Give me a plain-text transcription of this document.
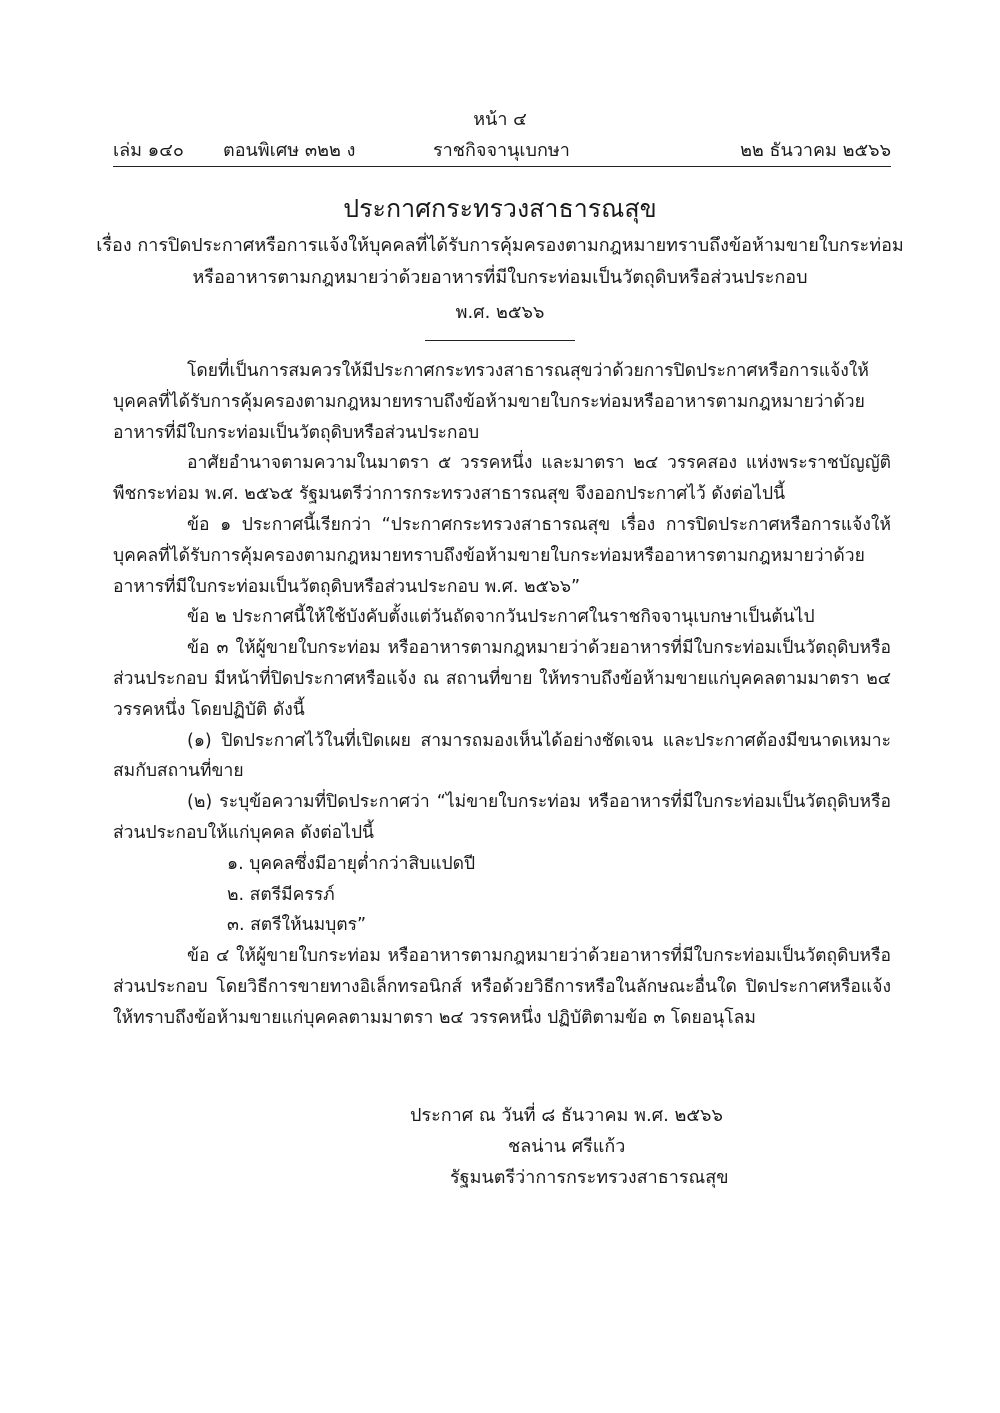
หน้า ๔
เล่ม ๑๔๐ ตอนพิเศษ ๓๒๒ ง	ราชกิจจานุเบกษา	๒๒ ธันวาคม ๒๕๖๖
ประกาศกระทรวงสาธารณสุข
เรื่อง การปิดประกาศหรือการแจ้งให้บุคคลที่ได้รับการคุ้มครองตามกฎหมายทราบถึงข้อห้ามขายใบกระท่อม
หรืออาหารตามกฎหมายว่าด้วยอาหารที่มีใบกระท่อมเป็นวัตถุดิบหรือส่วนประกอบ
พ.ศ. ๒๕๖๖

โดยที่เป็นการสมควรให้มีประกาศกระทรวงสาธารณสุขว่าด้วยการปิดประกาศหรือการแจ้งให้บุคคลที่ได้รับการคุ้มครองตามกฎหมายทราบถึงข้อห้ามขายใบกระท่อมหรืออาหารตามกฎหมายว่าด้วยอาหารที่มีใบกระท่อมเป็นวัตถุดิบหรือส่วนประกอบ

อาศัยอำนาจตามความในมาตรา ๕ วรรคหนึ่ง และมาตรา ๒๔ วรรคสอง แห่งพระราชบัญญัติพืชกระท่อม พ.ศ. ๒๕๖๕ รัฐมนตรีว่าการกระทรวงสาธารณสุข จึงออกประกาศไว้ ดังต่อไปนี้

ข้อ ๑ ประกาศนี้เรียกว่า “ประกาศกระทรวงสาธารณสุข เรื่อง การปิดประกาศหรือการแจ้งให้บุคคลที่ได้รับการคุ้มครองตามกฎหมายทราบถึงข้อห้ามขายใบกระท่อมหรืออาหารตามกฎหมายว่าด้วยอาหารที่มีใบกระท่อมเป็นวัตถุดิบหรือส่วนประกอบ พ.ศ. ๒๕๖๖”

ข้อ ๒ ประกาศนี้ให้ใช้บังคับตั้งแต่วันถัดจากวันประกาศในราชกิจจานุเบกษาเป็นต้นไป

ข้อ ๓ ให้ผู้ขายใบกระท่อม หรืออาหารตามกฎหมายว่าด้วยอาหารที่มีใบกระท่อมเป็นวัตถุดิบหรือส่วนประกอบ มีหน้าที่ปิดประกาศหรือแจ้ง ณ สถานที่ขาย ให้ทราบถึงข้อห้ามขายแก่บุคคลตามมาตรา ๒๔ วรรคหนึ่ง โดยปฏิบัติ ดังนี้

(๑) ปิดประกาศไว้ในที่เปิดเผย สามารถมองเห็นได้อย่างชัดเจน และประกาศต้องมีขนาดเหมาะสมกับสถานที่ขาย

(๒) ระบุข้อความที่ปิดประกาศว่า “ไม่ขายใบกระท่อม หรืออาหารที่มีใบกระท่อมเป็นวัตถุดิบหรือส่วนประกอบให้แก่บุคคล ดังต่อไปนี้

๑. บุคคลซึ่งมีอายุต่ำกว่าสิบแปดปี

๒. สตรีมีครรภ์

๓. สตรีให้นมบุตร”

ข้อ ๔ ให้ผู้ขายใบกระท่อม หรืออาหารตามกฎหมายว่าด้วยอาหารที่มีใบกระท่อมเป็นวัตถุดิบหรือส่วนประกอบ โดยวิธีการขายทางอิเล็กทรอนิกส์ หรือด้วยวิธีการหรือในลักษณะอื่นใด ปิดประกาศหรือแจ้งให้ทราบถึงข้อห้ามขายแก่บุคคลตามมาตรา ๒๔ วรรคหนึ่ง ปฏิบัติตามข้อ ๓ โดยอนุโลม

ประกาศ ณ วันที่ ๘ ธันวาคม พ.ศ. ๒๕๖๖
ชลน่าน ศรีแก้ว
รัฐมนตรีว่าการกระทรวงสาธารณสุข
